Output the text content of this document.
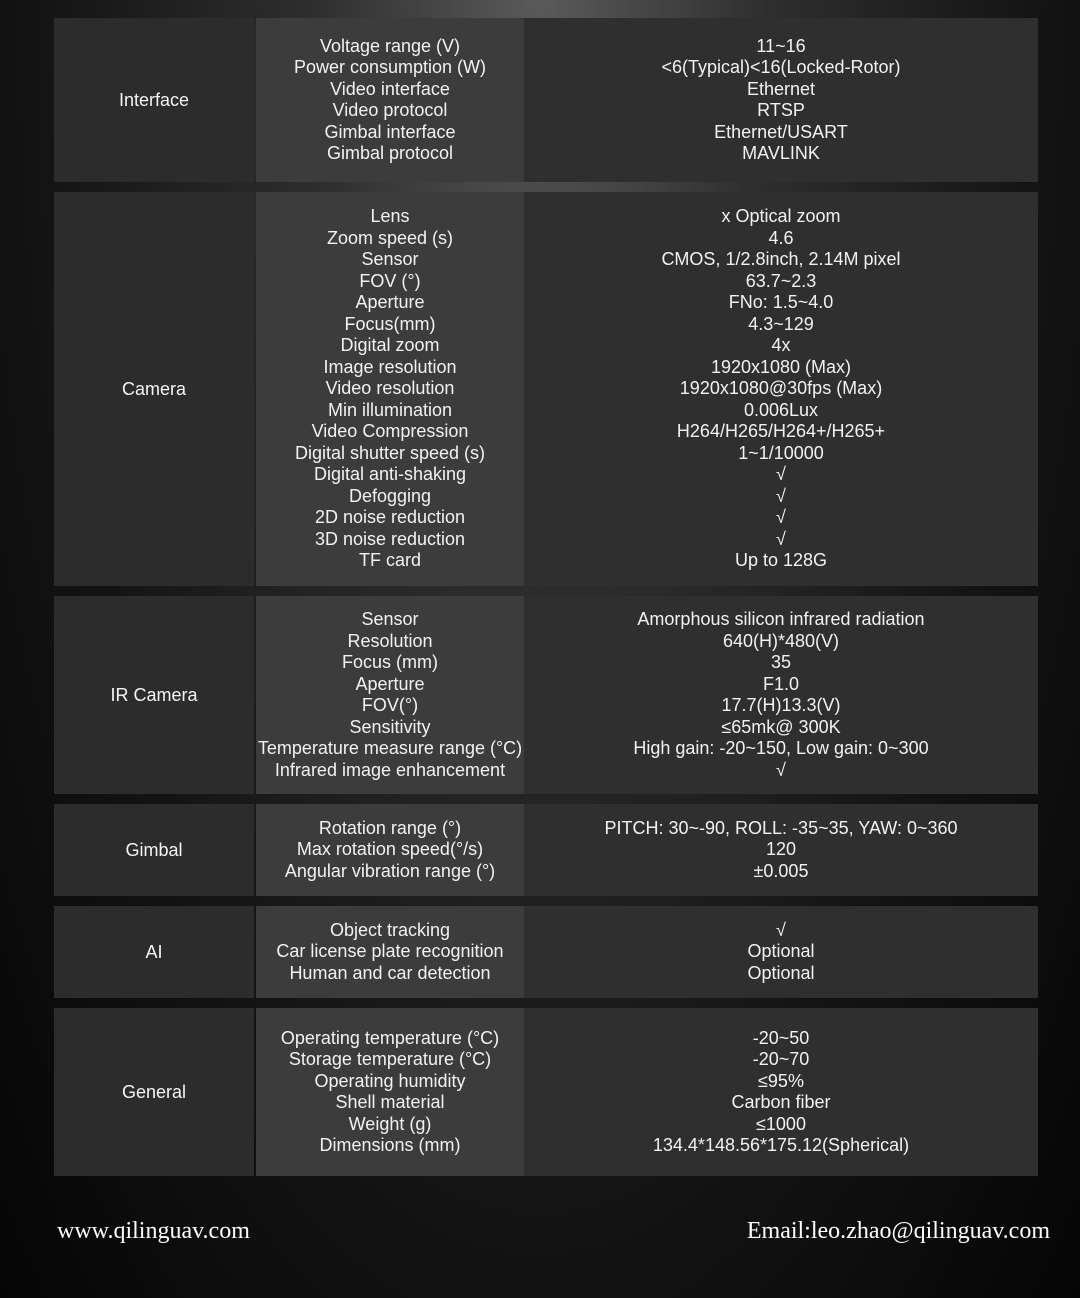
Interface
Voltage range (V)
Power consumption (W)
Video interface
Video protocol
Gimbal interface
Gimbal protocol
11~16
<6(Typical)<16(Locked-Rotor)
Ethernet
RTSP
Ethernet/USART
MAVLINK
Camera
Lens
Zoom speed (s)
Sensor
FOV (°)
Aperture
Focus(mm)
Digital zoom
Image resolution
Video resolution
Min illumination
Video Compression
Digital shutter speed (s)
Digital anti-shaking
Defogging
2D noise reduction
3D noise reduction
TF card
x Optical zoom
4.6
CMOS, 1/2.8inch, 2.14M pixel
63.7~2.3
FNo: 1.5~4.0
4.3~129
4x
1920x1080 (Max)
1920x1080@30fps (Max)
0.006Lux
H264/H265/H264+/H265+
1~1/10000
√
√
√
√
Up to 128G
IR Camera
Sensor
Resolution
Focus (mm)
Aperture
FOV(°)
Sensitivity
Temperature measure range (°C)
Infrared image enhancement
Amorphous silicon infrared radiation
640(H)*480(V)
35
F1.0
17.7(H)13.3(V)
≤65mk@ 300K
High gain: -20~150, Low gain: 0~300
√
Gimbal
Rotation range (°)
Max rotation speed(°/s)
Angular vibration range (°)
PITCH: 30~-90, ROLL: -35~35, YAW: 0~360
120
±0.005
AI
Object tracking
Car license plate recognition
Human and car detection
√
Optional
Optional
General
Operating temperature (°C)
Storage temperature (°C)
Operating humidity
Shell material
Weight (g)
Dimensions (mm)
-20~50
-20~70
≤95%
Carbon fiber
≤1000
134.4*148.56*175.12(Spherical)
www.qilinguav.com	Email:leo.zhao@qilinguav.com
